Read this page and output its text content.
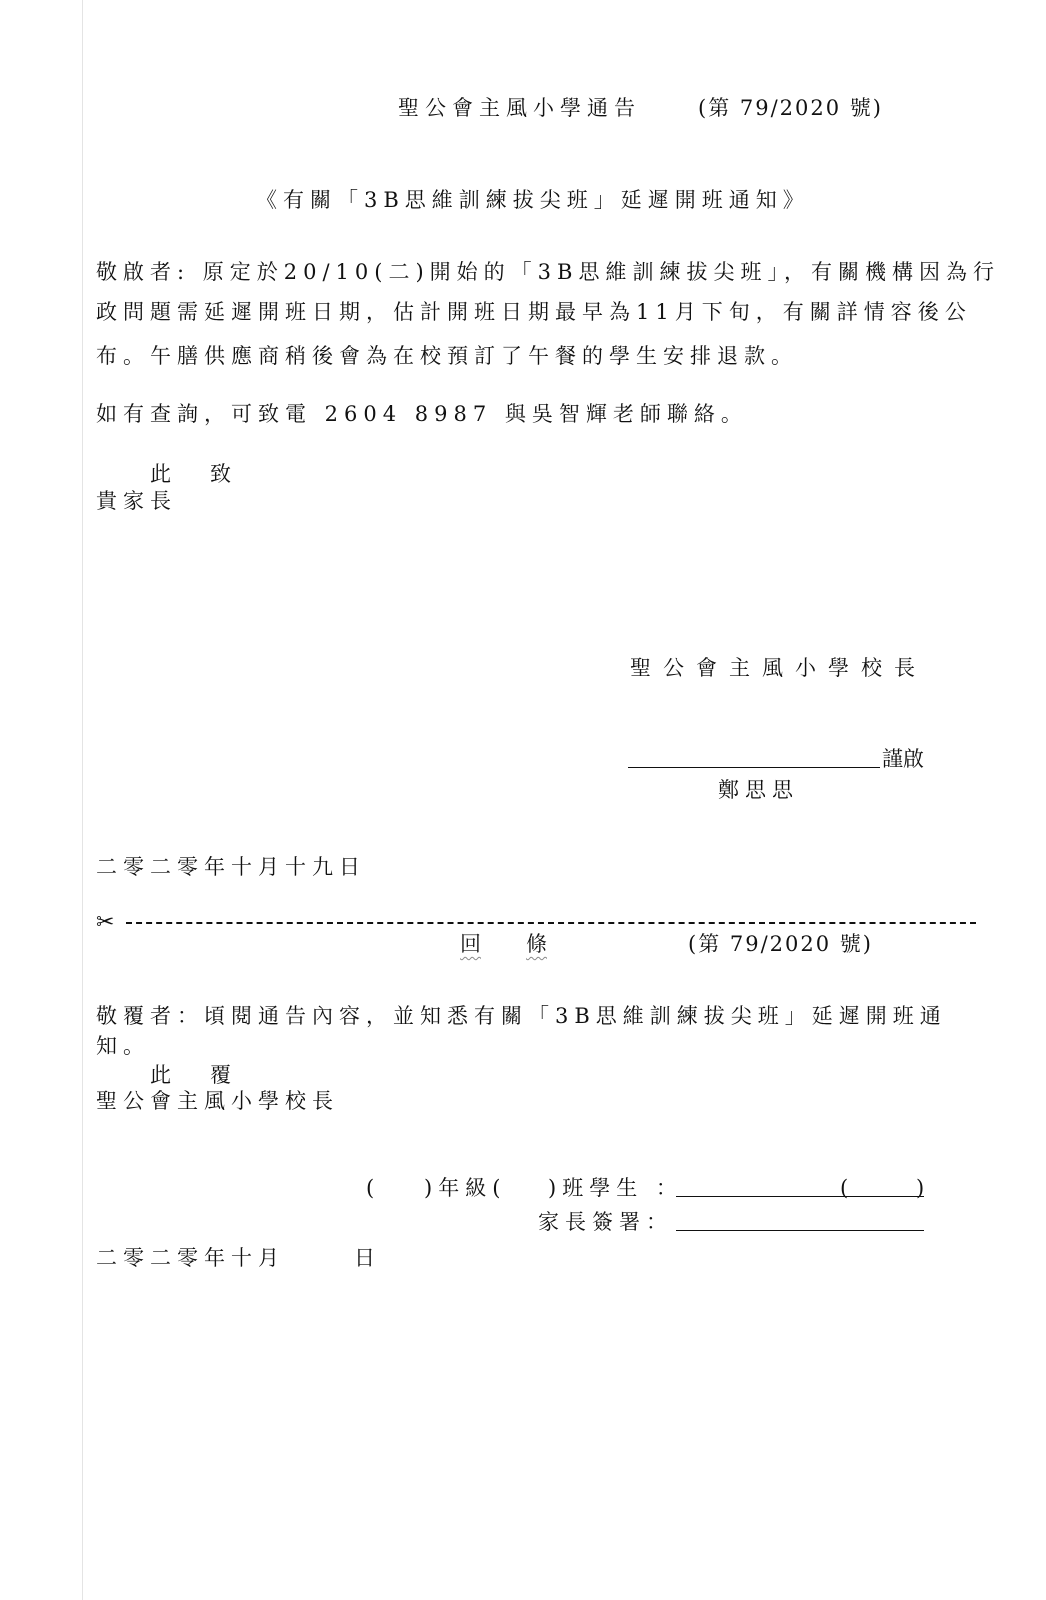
聖公會主風小學通告	(第 79/2020 號)
《有關「3B思維訓練拔尖班」延遲開班通知》
敬啟者: 原定於20/10(二)開始的「3B思維訓練拔尖班」，有關機構因為行
政問題需延遲開班日期，估計開班日期最早為11月下旬，有關詳情容後公
布。午膳供應商稍後會為在校預訂了午餐的學生安排退款。
如有查詢，可致電 2604 8987 與吳智輝老師聯絡。
此 致
貴家長
聖公會主風小學校長
謹啟
鄭思思
二零二零年十月十九日
✂
回 條	(第 79/2020 號)
敬覆者：頃閱通告內容，並知悉有關「3B思維訓練拔尖班」延遲開班通
知。
此 覆
聖公會主風小學校長
( )年級( )班學生 ：	(	)
家長簽署：
二零二零年十月	日
